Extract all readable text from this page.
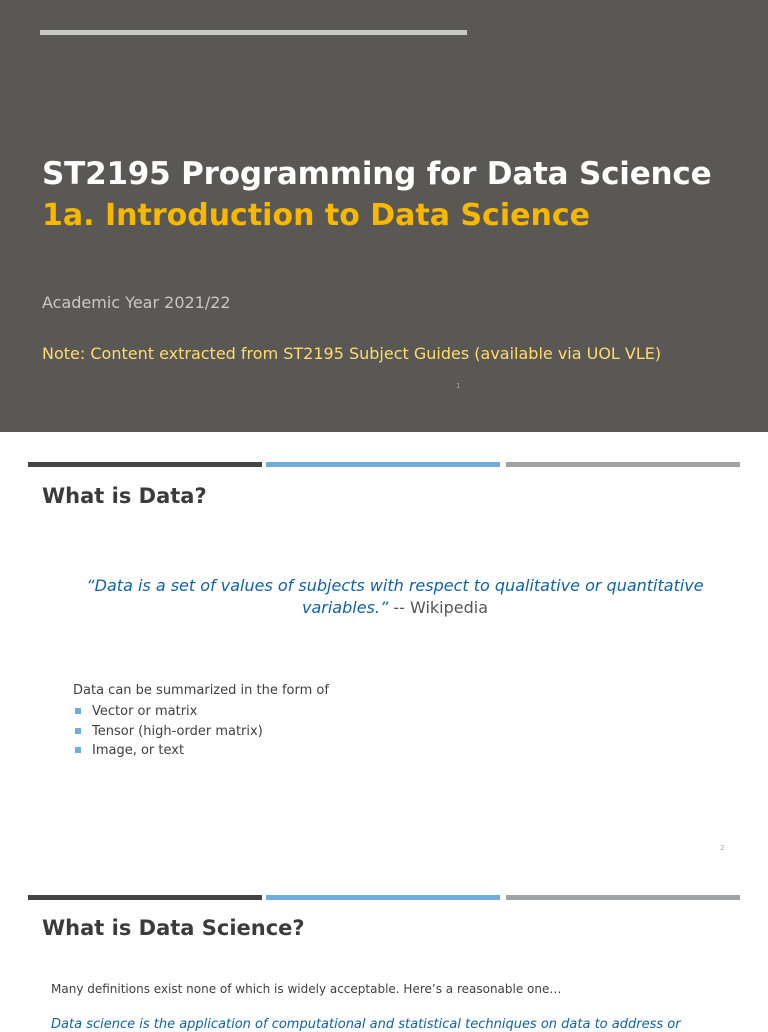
ST2195 Programming for Data Science
1a. Introduction to Data Science
Academic Year 2021/22
Note: Content extracted from ST2195 Subject Guides (available via UOL VLE)
1
What is Data?
“Data is a set of values of subjects with respect to qualitative or quantitative variables.” -- Wikipedia
Data can be summarized in the form of
Vector or matrix
Tensor (high-order matrix)
Image, or text
2
What is Data Science?
Many definitions exist none of which is widely acceptable. Here’s a reasonable one…
Data science is the application of computational and statistical techniques on data to address or
